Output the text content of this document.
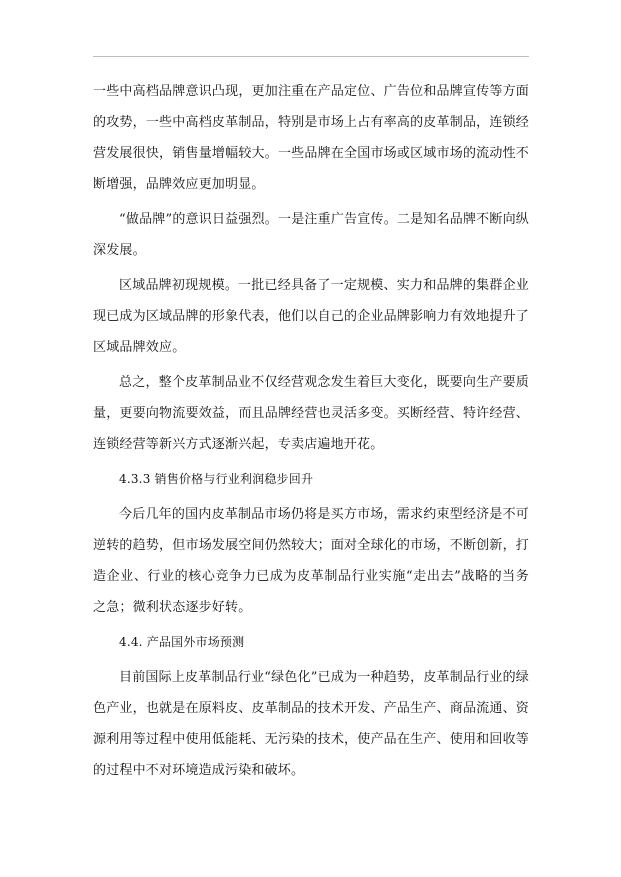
一些中高档品牌意识凸现，更加注重在产品定位、广告位和品牌宣传等方面的攻势，一些中高档皮革制品，特别是市场上占有率高的皮革制品，连锁经营发展很快，销售量增幅较大。一些品牌在全国市场或区域市场的流动性不断增强，品牌效应更加明显。

“做品牌”的意识日益强烈。一是注重广告宣传。二是知名品牌不断向纵深发展。

区域品牌初现规模。一批已经具备了一定规模、实力和品牌的集群企业现已成为区域品牌的形象代表，他们以自己的企业品牌影响力有效地提升了区域品牌效应。

总之，整个皮革制品业不仅经营观念发生着巨大变化，既要向生产要质量，更要向物流要效益，而且品牌经营也灵活多变。买断经营、特许经营、连锁经营等新兴方式逐渐兴起，专卖店遍地开花。

4.3.3 销售价格与行业利润稳步回升

今后几年的国内皮革制品市场仍将是买方市场，需求约束型经济是不可逆转的趋势，但市场发展空间仍然较大；面对全球化的市场，不断创新，打造企业、行业的核心竞争力已成为皮革制品行业实施“走出去”战略的当务之急；微利状态逐步好转。

4.4. 产品国外市场预测

目前国际上皮革制品行业“绿色化”已成为一种趋势，皮革制品行业的绿色产业，也就是在原料皮、皮革制品的技术开发、产品生产、商品流通、资源利用等过程中使用低能耗、无污染的技术，使产品在生产、使用和回收等的过程中不对环境造成污染和破坏。
